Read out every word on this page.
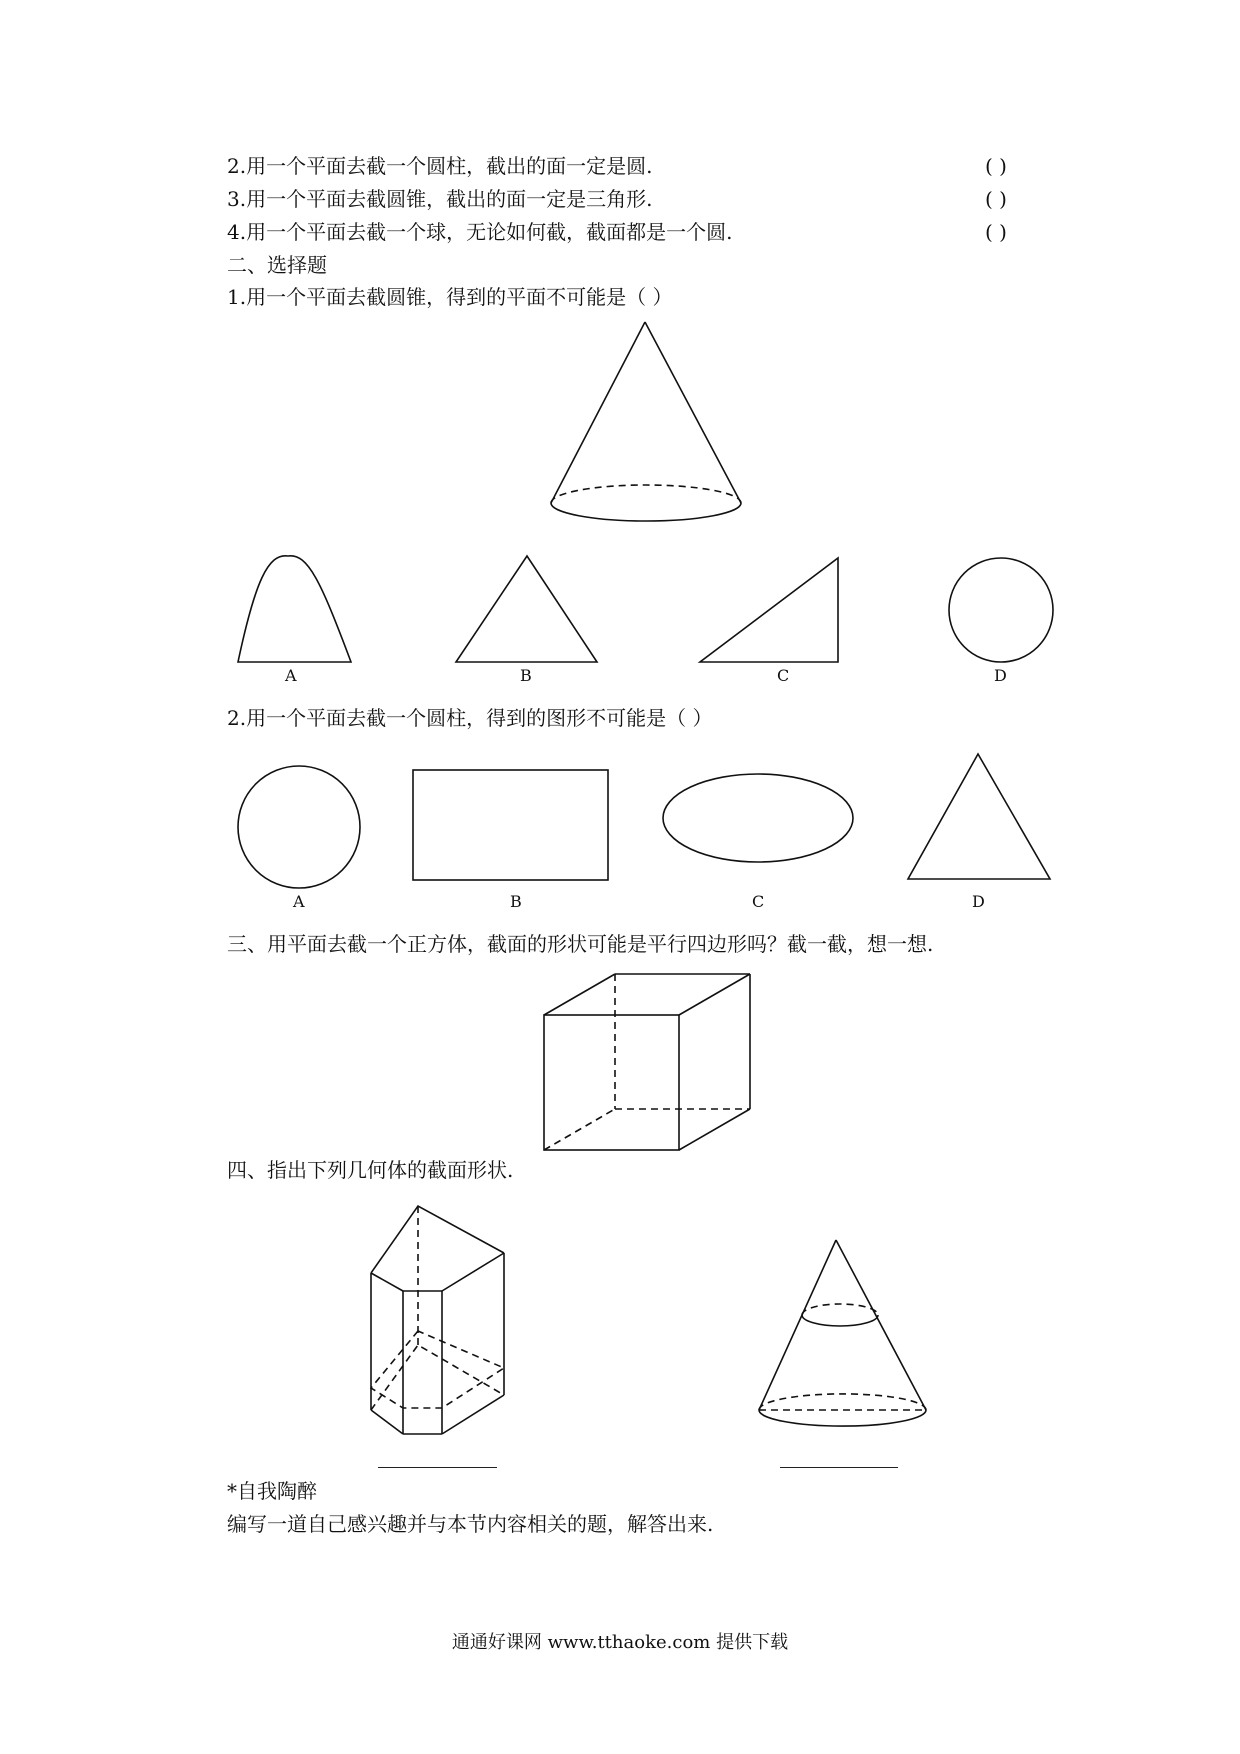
2.用一个平面去截一个圆柱，截出的面一定是圆.	( )
3.用一个平面去截圆锥，截出的面一定是三角形.	( )
4.用一个平面去截一个球，无论如何截，截面都是一个圆.	( )
二、选择题
1.用一个平面去截圆锥，得到的平面不可能是（ ）
A	B	C	D
2.用一个平面去截一个圆柱，得到的图形不可能是（ ）
A	B	C	D
三、用平面去截一个正方体，截面的形状可能是平行四边形吗？截一截，想一想.
四、指出下列几何体的截面形状.
*自我陶醉
编写一道自己感兴趣并与本节内容相关的题，解答出来.
通通好课网 www.tthaoke.com 提供下载
